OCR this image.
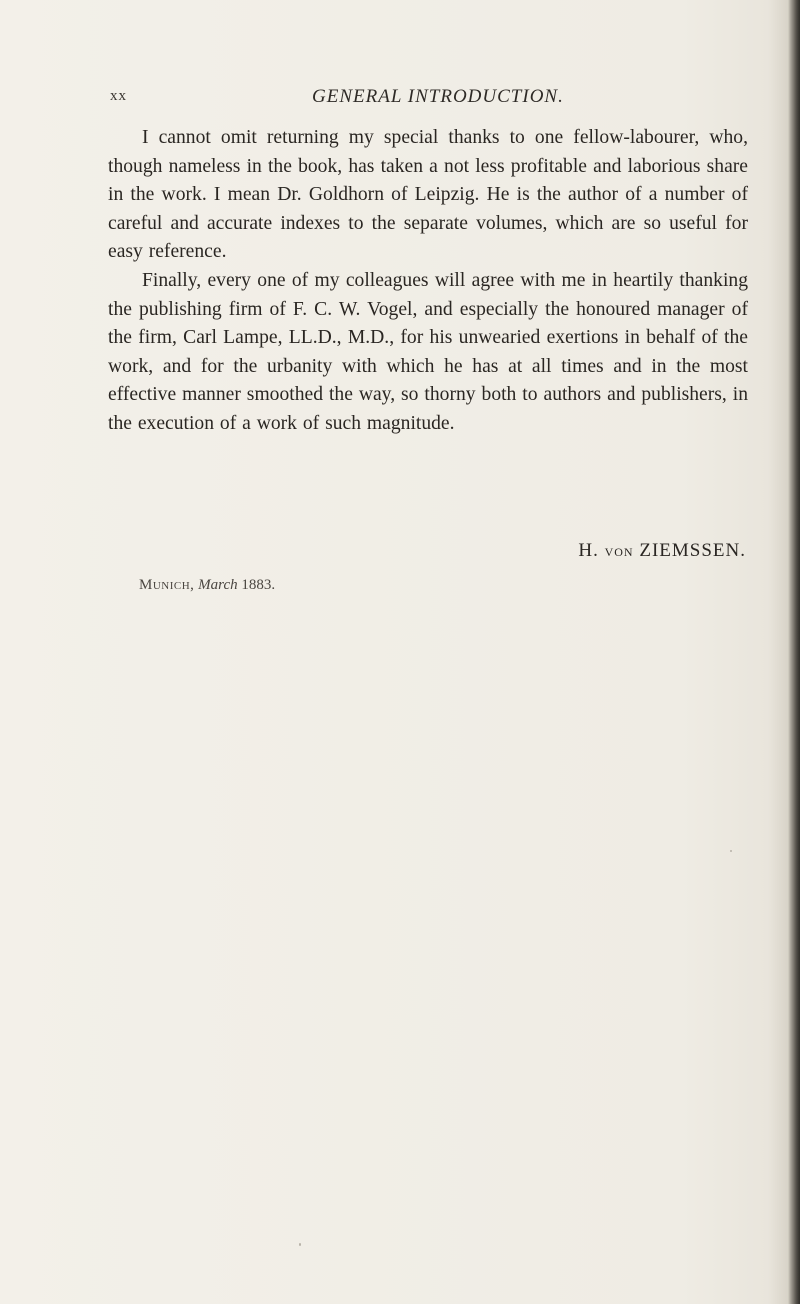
xx	GENERAL INTRODUCTION.

I cannot omit returning my special thanks to one fellow-labourer, who, though nameless in the book, has taken a not less profitable and laborious share in the work. I mean Dr. Goldhorn of Leipzig. He is the author of a number of careful and accurate indexes to the separate volumes, which are so useful for easy reference.

Finally, every one of my colleagues will agree with me in heartily thanking the publishing firm of F. C. W. Vogel, and especially the honoured manager of the firm, Carl Lampe, LL.D., M.D., for his unwearied exertions in behalf of the work, and for the urbanity with which he has at all times and in the most effective manner smoothed the way, so thorny both to authors and publishers, in the execution of a work of such magnitude.

H. von ZIEMSSEN.
Munich, March 1883.
